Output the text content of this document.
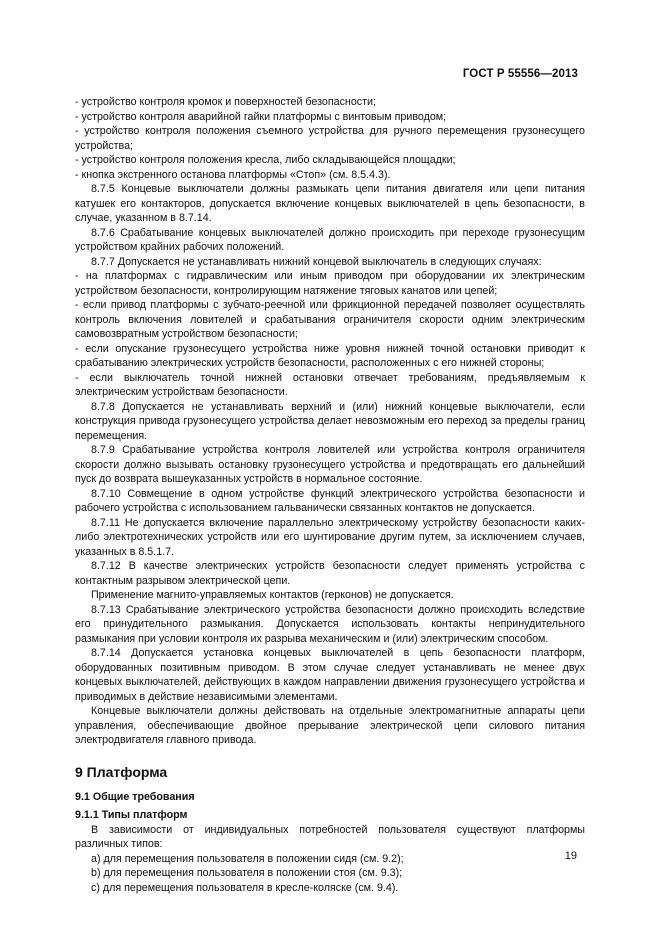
ГОСТ Р 55556—2013

- устройство контроля кромок и поверхностей безопасности;

- устройство контроля аварийной гайки платформы с винтовым приводом;

- устройство контроля положения съемного устройства для ручного перемещения грузонесущего устройства;

- устройство контроля положения кресла, либо складывающейся площадки;

- кнопка экстренного останова платформы «Стоп» (см. 8.5.4.3).

8.7.5 Концевые выключатели должны размыкать цепи питания двигателя или цепи питания катушек его контакторов, допускается включение концевых выключателей в цепь безопасности, в случае, указанном в 8.7.14.

8.7.6 Срабатывание концевых выключателей должно происходить при переходе грузонесущим устройством крайних рабочих положений.

8.7.7 Допускается не устанавливать нижний концевой выключатель в следующих случаях:

- на платформах с гидравлическим или иным приводом при оборудовании их электрическим устройством безопасности, контролирующим натяжение тяговых канатов или цепей;

- если привод платформы с зубчато-реечной или фрикционной передачей позволяет осуществлять контроль включения ловителей и срабатывания ограничителя скорости одним электрическим самовозвратным устройством безопасности;

- если опускание грузонесущего устройства ниже уровня нижней точной остановки приводит к срабатыванию электрических устройств безопасности, расположенных с его нижней стороны;

- если выключатель точной нижней остановки отвечает требованиям, предъявляемым к электрическим устройствам безопасности.

8.7.8 Допускается не устанавливать верхний и (или) нижний концевые выключатели, если конструкция привода грузонесущего устройства делает невозможным его переход за пределы границ перемещения.

8.7.9 Срабатывание устройства контроля ловителей или устройства контроля ограничителя скорости должно вызывать остановку грузонесущего устройства и предотвращать его дальнейший пуск до возврата вышеуказанных устройств в нормальное состояние.

8.7.10 Совмещение в одном устройстве функций электрического устройства безопасности и рабочего устройства с использованием гальванически связанных контактов не допускается.

8.7.11 Не допускается включение параллельно электрическому устройству безопасности каких-либо электротехнических устройств или его шунтирование другим путем, за исключением случаев, указанных в 8.5.1.7.

8.7.12 В качестве электрических устройств безопасности следует применять устройства с контактным разрывом электрической цепи.

Применение магнито-управляемых контактов (герконов) не допускается.

8.7.13 Срабатывание электрического устройства безопасности должно происходить вследствие его принудительного размыкания. Допускается использовать контакты непринудительного размыкания при условии контроля их разрыва механическим и (или) электрическим способом.

8.7.14 Допускается установка концевых выключателей в цепь безопасности платформ, оборудованных позитивным приводом. В этом случае следует устанавливать не менее двух концевых выключателей, действующих в каждом направлении движения грузонесущего устройства и приводимых в действие независимыми элементами.

Концевые выключатели должны действовать на отдельные электромагнитные аппараты цепи управления, обеспечивающие двойное прерывание электрической цепи силового питания электродвигателя главного привода.

9 Платформа
9.1 Общие требования
9.1.1 Типы платформ

В зависимости от индивидуальных потребностей пользователя существуют платформы различных типов:

a) для перемещения пользователя в положении сидя (см. 9.2);

b) для перемещения пользователя в положении стоя (см. 9.3);

c) для перемещения пользователя в кресле-коляске (см. 9.4).

19
